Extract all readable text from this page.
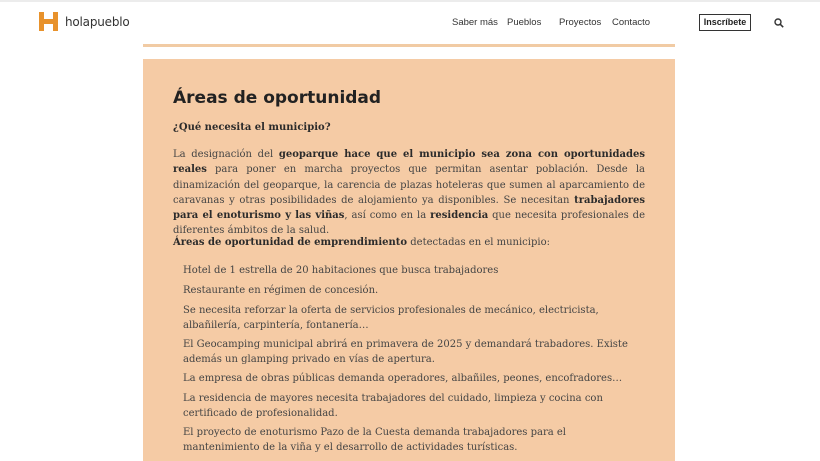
holapueblo	Saber más Pueblos Proyectos Contacto	Inscríbete
Áreas de oportunidad
¿Qué necesita el municipio?
La designación del geoparque hace que el municipio sea zona con oportunidades reales para poner en marcha proyectos que permitan asentar población. Desde la dinamización del geoparque, la carencia de plazas hoteleras que sumen al aparcamiento de caravanas y otras posibilidades de alojamiento ya disponibles. Se necesitan trabajadores para el enoturismo y las viñas, así como en la residencia que necesita profesionales de diferentes ámbitos de la salud.
Áreas de oportunidad de emprendimiento detectadas en el municipio:
Hotel de 1 estrella de 20 habitaciones que busca trabajadores
Restaurante en régimen de concesión.
Se necesita reforzar la oferta de servicios profesionales de mecánico, electricista, albañilería, carpintería, fontanería…
El Geocamping municipal abrirá en primavera de 2025 y demandará trabadores. Existe además un glamping privado en vías de apertura.
La empresa de obras públicas demanda operadores, albañiles, peones, encofradores…
La residencia de mayores necesita trabajadores del cuidado, limpieza y cocina con certificado de profesionalidad.
El proyecto de enoturismo Pazo de la Cuesta demanda trabajadores para el mantenimiento de la viña y el desarrollo de actividades turísticas.
